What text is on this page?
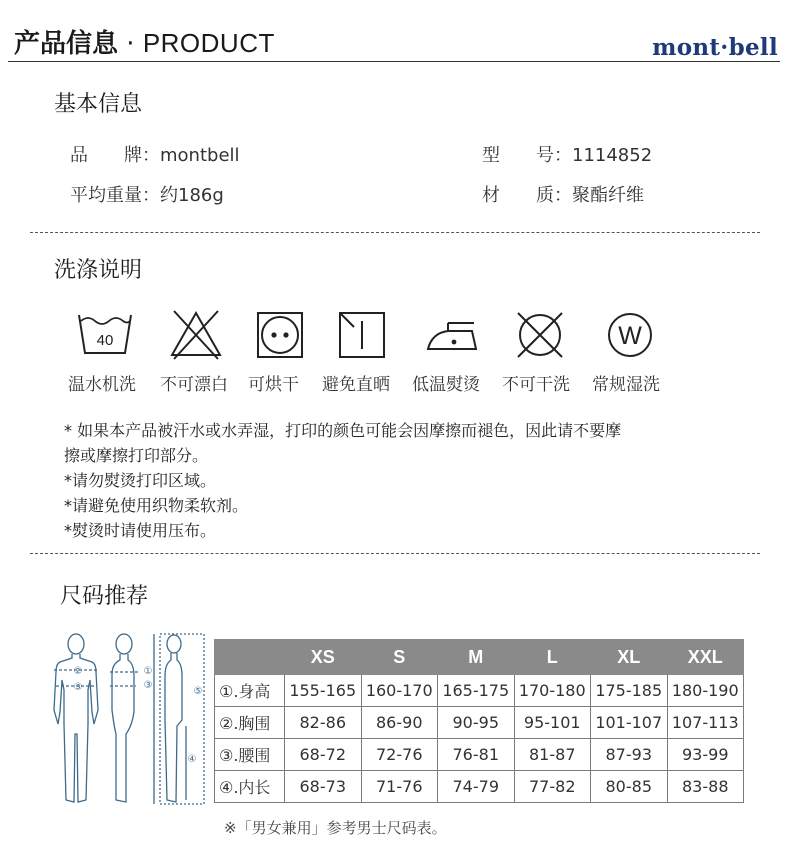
产品信息 · PRODUCT	mont·bell
基本信息
品　　牌：montbell	型　　号：1114852
平均重量：约186g	材　　质：聚酯纤维
洗涤说明
40	W
温水机洗 不可漂白 可烘干 避免直晒 低温熨烫 不可干洗 常规湿洗
* 如果本产品被汗水或水弄湿，打印的颜色可能会因摩擦而褪色，因此请不要摩
擦或摩擦打印部分。
*请勿熨烫打印区域。
*请避免使用织物柔软剂。
*熨烫时请使用压布。
尺码推荐
②
③
①
③
⑤
④
	XS	S	M	L	XL	XXL
①.身高	155-165	160-170	165-175	170-180	175-185	180-190
②.胸围	82-86	86-90	90-95	95-101	101-107	107-113
③.腰围	68-72	72-76	76-81	81-87	87-93	93-99
④.内长	68-73	71-76	74-79	77-82	80-85	83-88
※「男女兼用」参考男士尺码表。
